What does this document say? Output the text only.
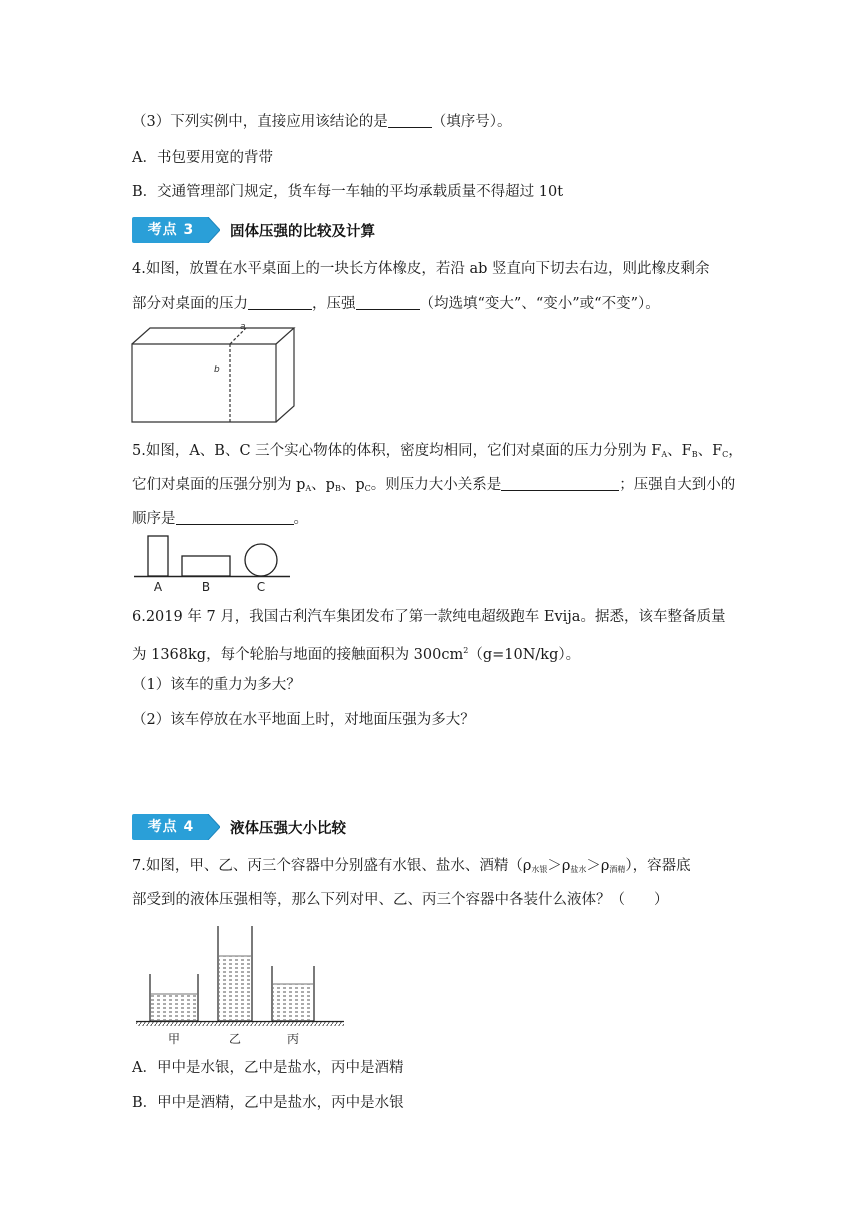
（3）下列实例中，直接应用该结论的是	（填序号）。
A．书包要用宽的背带
B．交通管理部门规定，货车每一车轴的平均承载质量不得超过 10t
考点 3	固体压强的比较及计算
4.如图，放置在水平桌面上的一块长方体橡皮，若沿 ab 竖直向下切去右边，则此橡皮剩余
部分对桌面的压力	，压强	（均选填“变大”、“变小”或“不变”）。
a
b
5.如图，A、B、C 三个实心物体的体积，密度均相同，它们对桌面的压力分别为 $F_A$、$F_B$、$F_C$，
它们对桌面的压强分别为 $p_A$、$p_B$、$p_C$。则压力大小关系是	；压强自大到小的
顺序是	。
A	B	C
6.2019 年 7 月，我国古利汽车集团发布了第一款纯电超级跑车 Evija。据悉，该车整备质量
为 1368kg，每个轮胎与地面的接触面积为 $300cm^2(g=10N/kg)$。
（1）该车的重力为多大？
（2）该车停放在水平地面上时，对地面压强为多大？
考点 4	液体压强大小比较
7.如图，甲、乙、丙三个容器中分别盛有水银、盐水、酒精$(\rho_{水银}>\rho_{盐水}>\rho_{酒精})$，容器底
部受到的液体压强相等，那么下列对甲、乙、丙三个容器中各装什么液体？（　　）
甲	乙	丙
A．甲中是水银，乙中是盐水，丙中是酒精
B．甲中是酒精，乙中是盐水，丙中是水银
